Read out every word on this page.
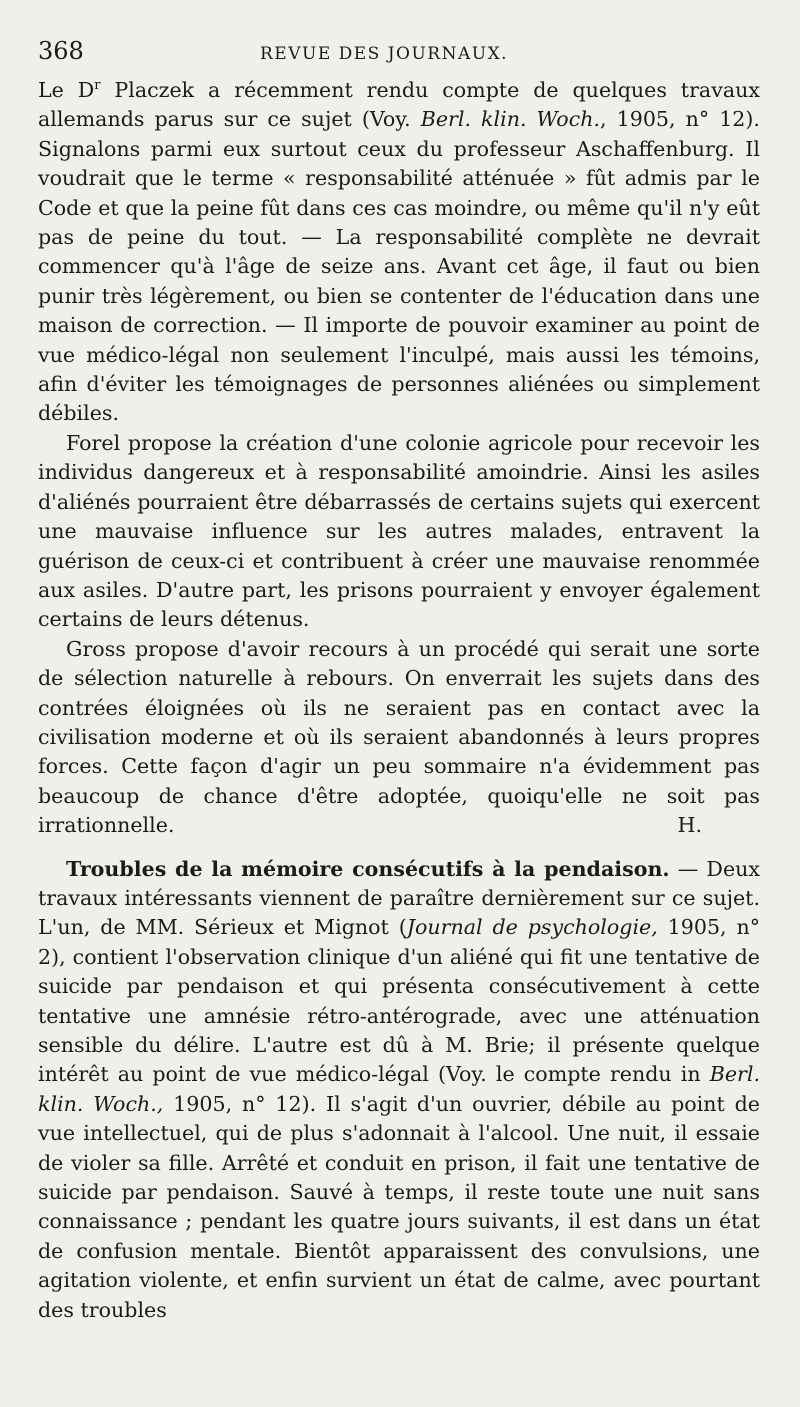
368	REVUE DES JOURNAUX.

Le $D^r$ Placzek a récemment rendu compte de quelques travaux allemands parus sur ce sujet (Voy. Berl. klin. Woch., 1905, n° 12). Signalons parmi eux surtout ceux du professeur Aschaffenburg. Il voudrait que le terme « responsabilité atténuée » fût admis par le Code et que la peine fût dans ces cas moindre, ou même qu'il n'y eût pas de peine du tout. — La responsabilité complète ne devrait commencer qu'à l'âge de seize ans. Avant cet âge, il faut ou bien punir très légèrement, ou bien se contenter de l'éducation dans une maison de correction. — Il importe de pouvoir examiner au point de vue médico-légal non seulement l'inculpé, mais aussi les témoins, afin d'éviter les témoignages de personnes aliénées ou simplement débiles.

Forel propose la création d'une colonie agricole pour recevoir les individus dangereux et à responsabilité amoindrie. Ainsi les asiles d'aliénés pourraient être débarrassés de certains sujets qui exercent une mauvaise influence sur les autres malades, entravent la guérison de ceux-ci et contribuent à créer une mauvaise renommée aux asiles. D'autre part, les prisons pourraient y envoyer également certains de leurs détenus.

Gross propose d'avoir recours à un procédé qui serait une sorte de sélection naturelle à rebours. On enverrait les sujets dans des contrées éloignées où ils ne seraient pas en contact avec la civilisation moderne et où ils seraient abandonnés à leurs propres forces. Cette façon d'agir un peu sommaire n'a évidemment pas beaucoup de chance d'être adoptée, quoiqu'elle ne soit pas irrationnelle.	H.

Troubles de la mémoire consécutifs à la pendaison. — Deux travaux intéressants viennent de paraître dernièrement sur ce sujet. L'un, de MM. Sérieux et Mignot (Journal de psychologie, 1905, n° 2), contient l'observation clinique d'un aliéné qui fit une tentative de suicide par pendaison et qui présenta consécutivement à cette tentative une amnésie rétro-antérograde, avec une atténuation sensible du délire. L'autre est dû à M. Brie; il présente quelque intérêt au point de vue médico-légal (Voy. le compte rendu in Berl. klin. Woch., 1905, n° 12). Il s'agit d'un ouvrier, débile au point de vue intellectuel, qui de plus s'adonnait à l'alcool. Une nuit, il essaie de violer sa fille. Arrêté et conduit en prison, il fait une tentative de suicide par pendaison. Sauvé à temps, il reste toute une nuit sans connaissance ; pendant les quatre jours suivants, il est dans un état de confusion mentale. Bientôt apparaissent des convulsions, une agitation violente, et enfin survient un état de calme, avec pourtant des troubles
